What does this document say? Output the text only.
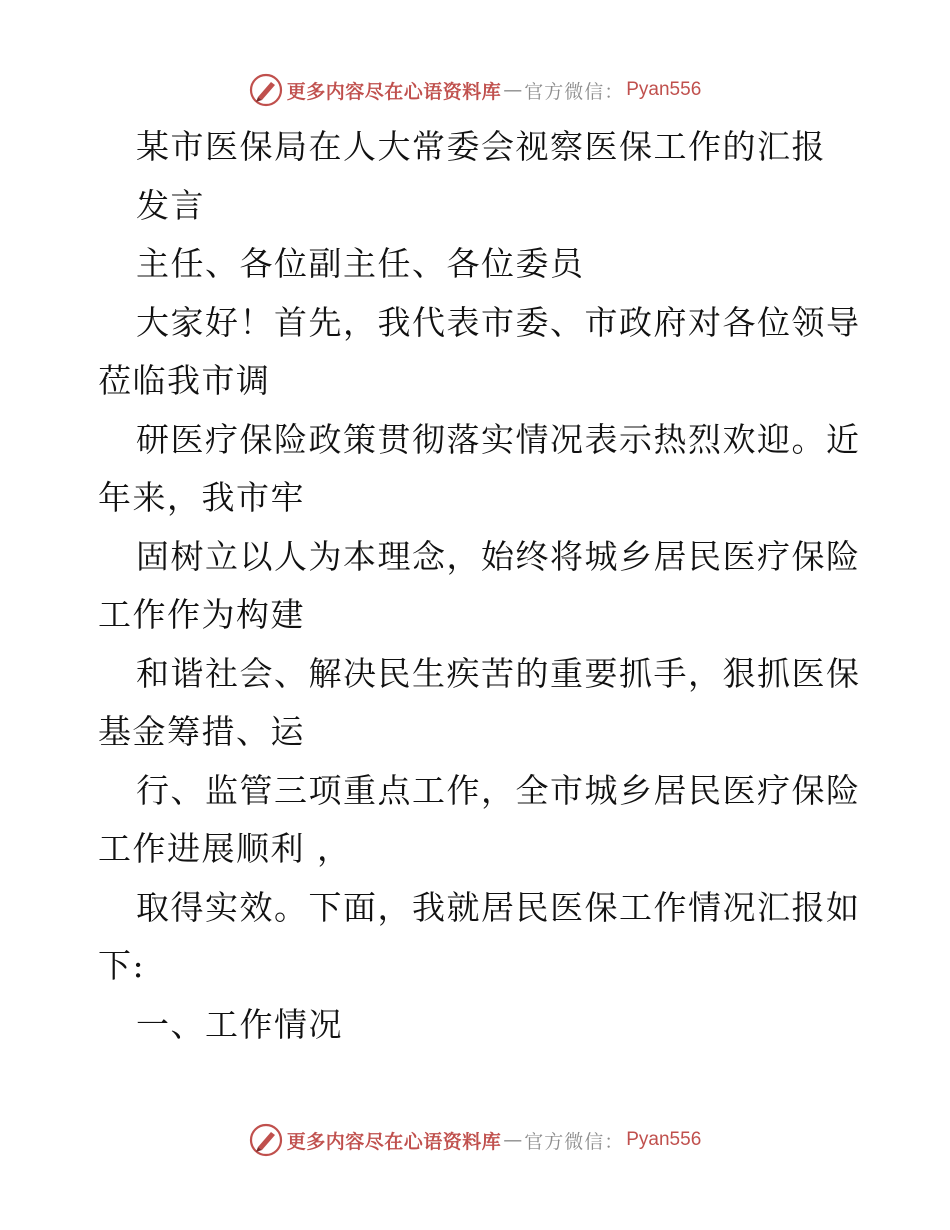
更多内容尽在心语资料库 — 官方微信： Pyan556
某市医保局在人大常委会视察医保工作的汇报
发言
主任、各位副主任、各位委员
大家好！首先，我代表市委、市政府对各位领导
莅临我市调
研医疗保险政策贯彻落实情况表示热烈欢迎。近
年来，我市牢
固树立以人为本理念，始终将城乡居民医疗保险
工作作为构建
和谐社会、解决民生疾苦的重要抓手，狠抓医保
基金筹措、运
行、监管三项重点工作，全市城乡居民医疗保险
工作进展顺利 ，
取得实效。下面，我就居民医保工作情况汇报如
下:
一、工作情况
更多内容尽在心语资料库 — 官方微信： Pyan556
